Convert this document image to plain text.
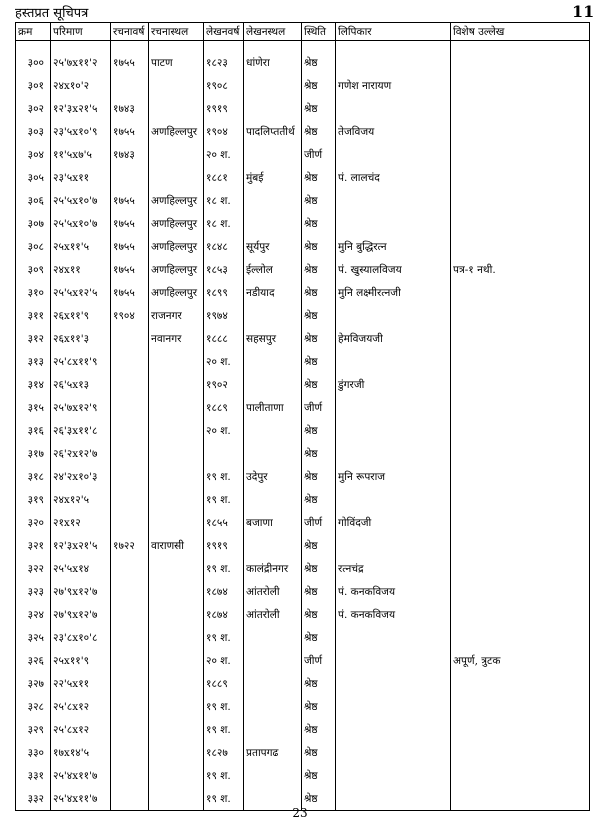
हस्तप्रत सूचिपत्र	11
क्रम	परिमाण	रचनावर्ष	रचनास्थल	लेखनवर्ष	लेखनस्थल	स्थिति	लिपिकार	विशेष उल्लेख
३००	२५'७x११'२	१७५५	पाटण	१८२३	धांणेरा	श्रेष्ठ		
३०१	२४x१०'२			१९०८		श्रेष्ठ	गणेश नारायण	
३०२	१२'३x२१'५	१७४३		१९१९		श्रेष्ठ		
३०३	२३'५x१०'९	१७५५	अणहिल्लपुर	१९०४	पादलिप्ततीर्थ	श्रेष्ठ	तेजविजय	
३०४	११'५x७'५	१७४३		२० श.		जीर्ण		
३०५	२३'५x११			१८८१	मुंबई	श्रेष्ठ	पं. लालचंद	
३०६	२५'५x१०'७	१७५५	अणहिल्लपुर	१८ श.		श्रेष्ठ		
३०७	२५'५x१०'७	१७५५	अणहिल्लपुर	१८ श.		श्रेष्ठ		
३०८	२५x११'५	१७५५	अणहिल्लपुर	१८४८	सूर्यपुर	श्रेष्ठ	मुनि बुद्धिरत्न	
३०९	२४x११	१७५५	अणहिल्लपुर	१८५३	ईल्लोल	श्रेष्ठ	पं. खुस्यालविजय	पत्र-१ नथी.
३१०	२५'५x१२'५	१७५५	अणहिल्लपुर	१८९९	नडीयाद	श्रेष्ठ	मुनि लक्ष्मीरत्नजी	
३११	२६x११'९	१९०४	राजनगर	१९७४		श्रेष्ठ		
३१२	२६x११'३		नवानगर	१८८८	सहसपुर	श्रेष्ठ	हेमविजयजी	
३१३	२५'८x११'९			२० श.		श्रेष्ठ		
३१४	२६'५x१३			१९०२		श्रेष्ठ	डुंगरजी	
३१५	२५'७x१२'९			१८८९	पालीताणा	जीर्ण		
३१६	२६'३x११'८			२० श.		श्रेष्ठ		
३१७	२६'२x१२'७					श्रेष्ठ		
३१८	२४'२x१०'३			१९ श.	उदेपुर	श्रेष्ठ	मुनि रूपराज	
३१९	२४x१२'५			१९ श.		श्रेष्ठ		
३२०	२१x१२			१८५५	बजाणा	जीर्ण	गोविंदजी	
३२१	१२'३x२१'५	१७२२	वाराणसी	१९१९		श्रेष्ठ		
३२२	२५'५x१४			१९ श.	कालंद्रीनगर	श्रेष्ठ	रत्नचंद्र	
३२३	२७'९x१२'७			१८७४	आंतरोली	श्रेष्ठ	पं. कनकविजय	
३२४	२७'९x१२'७			१८७४	आंतरोली	श्रेष्ठ	पं. कनकविजय	
३२५	२३'८x१०'८			१९ श.		श्रेष्ठ		
३२६	२५x११'९			२० श.		जीर्ण		अपूर्ण, त्रुटक
३२७	२२'५x११			१८८९		श्रेष्ठ		
३२८	२५'८x१२			१९ श.		श्रेष्ठ		
३२९	२५'८x१२			१९ श.		श्रेष्ठ		
३३०	१७x१४'५			१८२७	प्रतापगढ	श्रेष्ठ		
३३१	२५'४x११'७			१९ श.		श्रेष्ठ		
३३२	२५'४x११'७			१९ श.		श्रेष्ठ		
23
